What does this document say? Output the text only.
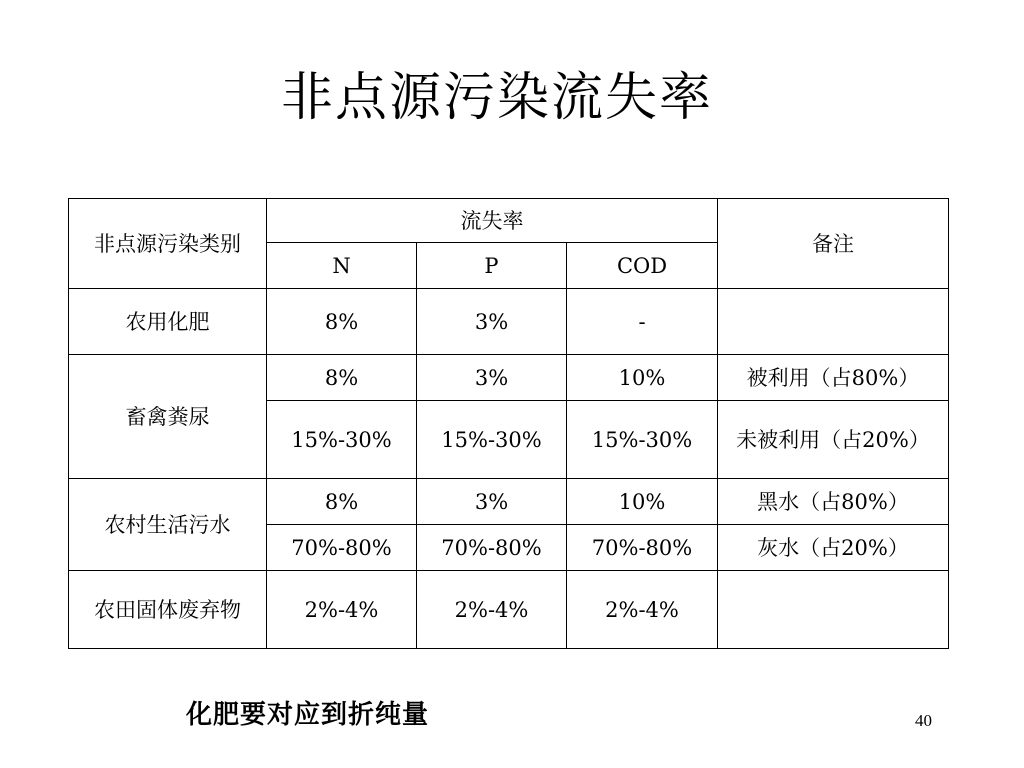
非点源污染流失率
非点源污染类别	流失率			备注
	N	P	COD	
农用化肥	8%	3%	-	
畜禽粪尿	8%	3%	10%	被利用（占80%）
	15%-30%	15%-30%	15%-30%	未被利用（占20%）
农村生活污水	8%	3%	10%	黑水（占80%）
	70%-80%	70%-80%	70%-80%	灰水（占20%）
农田固体废弃物	2%-4%	2%-4%	2%-4%	
化肥要对应到折纯量	40
